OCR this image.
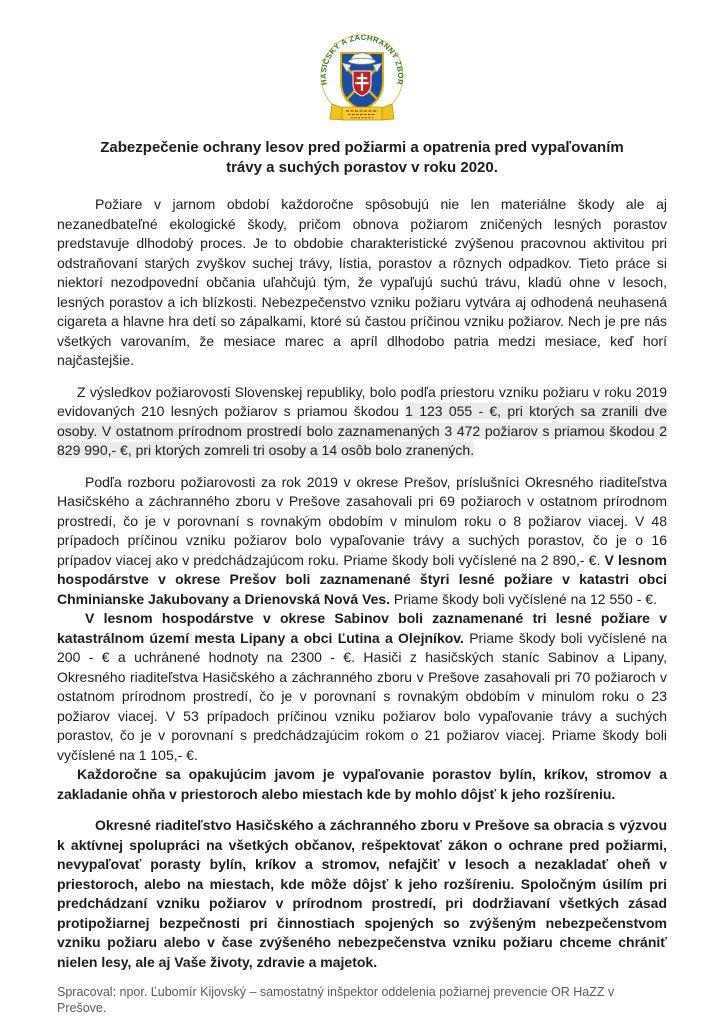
HASIČSKÝ A ZÁCHRANNÝ ZBOR

Zabezpečenie ochrany lesov pred požiarmi a opatrenia pred vypaľovaním
trávy a suchých porastov v roku 2020.

Požiare v jarnom období každoročne spôsobujú nie len materiálne škody ale aj nezanedbateľné ekologické škody, pričom obnova požiarom zničených lesných porastov predstavuje dlhodobý proces. Je to obdobie charakteristické zvýšenou pracovnou aktivitou pri odstraňovaní starých zvyškov suchej trávy, lístia, porastov a rôznych odpadkov. Tieto práce si niektorí nezodpovední občania uľahčujú tým, že vypaľujú suchú trávu, kladú ohne v lesoch, lesných porastov a ich blízkosti. Nebezpečenstvo vzniku požiaru vytvára aj odhodená neuhasená cigareta a hlavne hra detí so zápalkami, ktoré sú častou príčinou vzniku požiarov. Nech je pre nás všetkých varovaním, že mesiace marec a apríl dlhodobo patria medzi mesiace, keď horí najčastejšie.

Z výsledkov požiarovosti Slovenskej republiky, bolo podľa priestoru vzniku požiaru v roku 2019 evidovaných 210 lesných požiarov s priamou škodou 1 123 055 - €, pri ktorých sa zranili dve osoby. V ostatnom prírodnom prostredí bolo zaznamenaných 3 472 požiarov s priamou škodou 2 829 990,- €, pri ktorých zomreli tri osoby a 14 osôb bolo zranených.

Podľa rozboru požiarovosti za rok 2019 v okrese Prešov, príslušníci Okresného riaditeľstva Hasičského a záchranného zboru v Prešove zasahovali pri 69 požiaroch v ostatnom prírodnom prostredí, čo je v porovnaní s rovnakým obdobím v minulom roku o 8 požiarov viacej. V 48 prípadoch príčinou vzniku požiarov bolo vypaľovanie trávy a suchých porastov, čo je o 16 prípadov viacej ako v predchádzajúcom roku. Priame škody boli vyčíslené na 2 890,- €. V lesnom hospodárstve v okrese Prešov boli zaznamenané štyri lesné požiare v katastri obci Chminianske Jakubovany a Drienovská Nová Ves. Priame škody boli vyčíslené na 12 550 - €.

V lesnom hospodárstve v okrese Sabinov boli zaznamenané tri lesné požiare v katastrálnom území mesta Lipany a obci Ľutina a Olejníkov. Priame škody boli vyčíslené na 200 - € a uchránené hodnoty na 2300 - €. Hasiči z hasičských staníc Sabinov a Lipany, Okresného riaditeľstva Hasičského a záchranného zboru v Prešove zasahovali pri 70 požiaroch v ostatnom prírodnom prostredí, čo je v porovnaní s rovnakým obdobím v minulom roku o 23 požiarov viacej. V 53 prípadoch príčinou vzniku požiarov bolo vypaľovanie trávy a suchých porastov, čo je v porovnaní s predchádzajúcim rokom o 21 požiarov viacej. Priame škody boli vyčíslené na 1 105,- €.

Každoročne sa opakujúcim javom je vypaľovanie porastov bylín, kríkov, stromov a zakladanie ohňa v priestoroch alebo miestach kde by mohlo dôjsť k jeho rozšíreniu.

Okresné riaditeľstvo Hasičského a záchranného zboru v Prešove sa obracia s výzvou k aktívnej spolupráci na všetkých občanov, rešpektovať zákon o ochrane pred požiarmi, nevypaľovať porasty bylín, kríkov a stromov, nefajčiť v lesoch a nezakladať oheň v priestoroch, alebo na miestach, kde môže dôjsť k jeho rozšíreniu. Spoločným úsilím pri predchádzaní vzniku požiarov v prírodnom prostredí, pri dodržiavaní všetkých zásad protipožiarnej bezpečnosti pri činnostiach spojených so zvýšeným nebezpečenstvom vzniku požiaru alebo v čase zvýšeného nebezpečenstva vzniku požiaru chceme chrániť nielen lesy, ale aj Vaše životy, zdravie a majetok.

Spracoval: npor. Ľubomír Kijovský – samostatný inšpektor oddelenia požiarnej prevencie OR HaZZ v Prešove.
